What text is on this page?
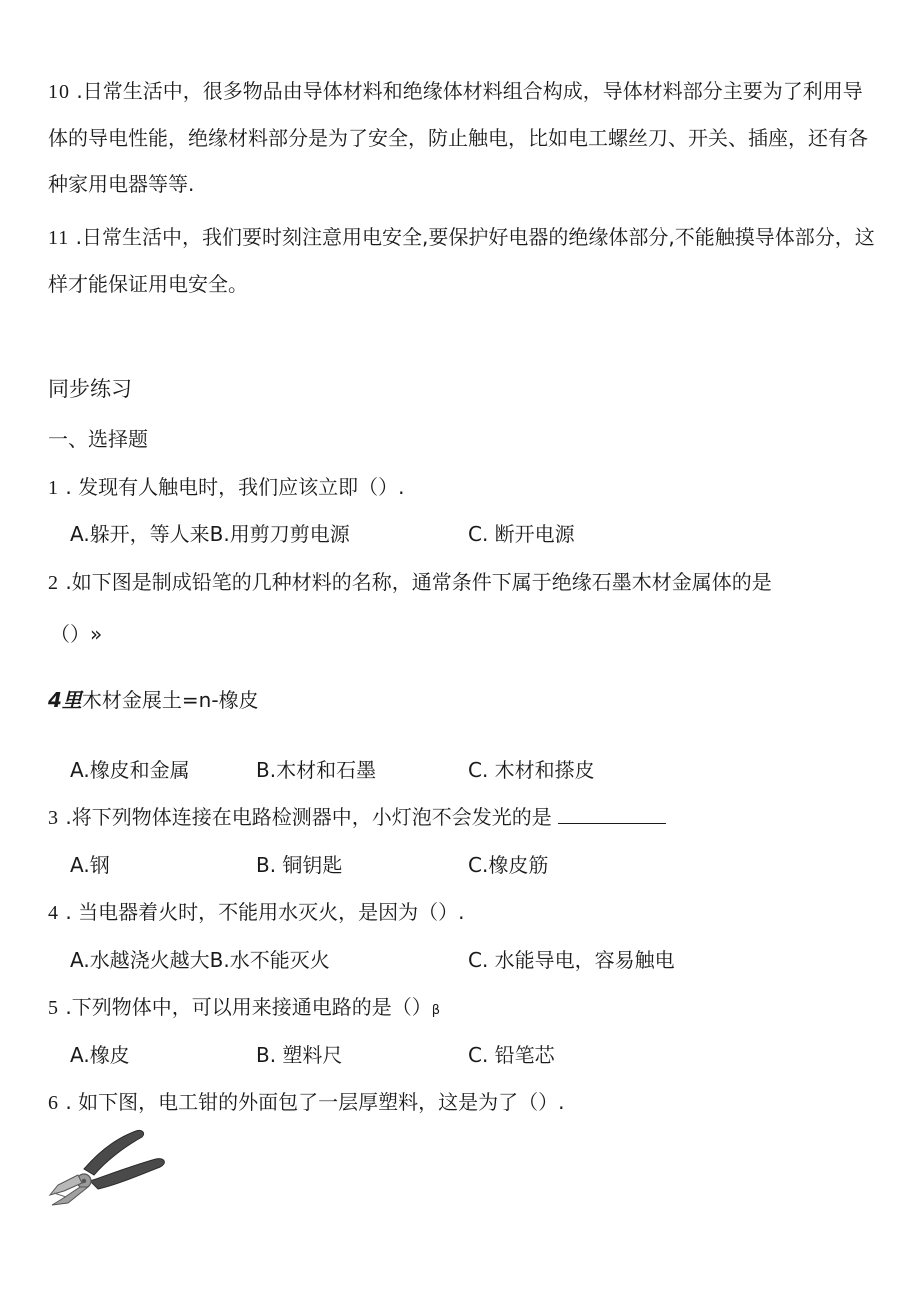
10 .日常生活中，很多物品由导体材料和绝缘体材料组合构成，导体材料部分主要为了利用导体的导电性能，绝缘材料部分是为了安全，防止触电，比如电工螺丝刀、开关、插座，还有各种家用电器等等.
11 .日常生活中，我们要时刻注意用电安全,要保护好电器的绝缘体部分,不能触摸导体部分，这样才能保证用电安全。
同步练习
一、选择题
1 . 发现有人触电时，我们应该立即（）.
A.躲开，等人来B.用剪刀剪电源	C. 断开电源
2 .如下图是制成铅笔的几种材料的名称，通常条件下属于绝缘石墨木材金属体的是
（）»
4里木材金展土=n-橡皮
A.橡皮和金属	B.木材和石墨	C. 木材和搽皮
3 .将下列物体连接在电路检测器中，小灯泡不会发光的是
A.钢	B. 铜钥匙	C.橡皮筋
4 . 当电器着火时，不能用水灭火，是因为（）.
A.水越浇火越大B.水不能灭火	C. 水能导电，容易触电
5 .下列物体中，可以用来接通电路的是（）β
A.橡皮	B. 塑料尺	C. 铅笔芯
6 . 如下图，电工钳的外面包了一层厚塑料，这是为了（）.
